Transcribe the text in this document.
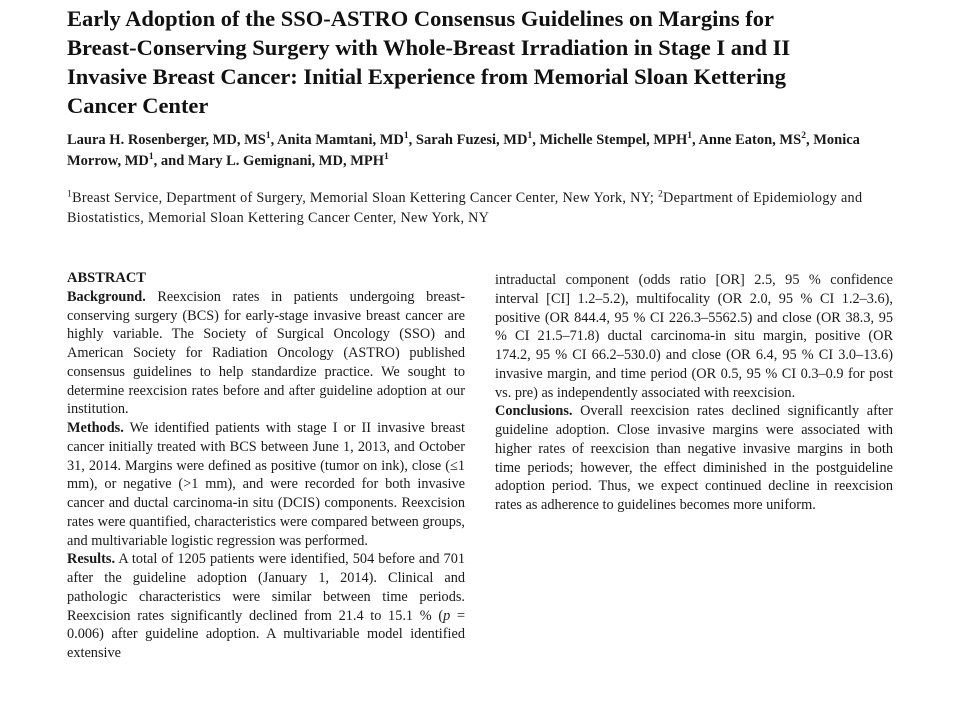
Early Adoption of the SSO-ASTRO Consensus Guidelines on Margins for Breast-Conserving Surgery with Whole-Breast Irradiation in Stage I and II Invasive Breast Cancer: Initial Experience from Memorial Sloan Kettering Cancer Center
Laura H. Rosenberger, MD, $MS^1$, Anita Mamtani, $MD^1$, Sarah Fuzesi, $MD^1$, Michelle Stempel, MPH$^1$, Anne Eaton, $MS^2$, Monica Morrow, $MD^1$, and Mary L. Gemignani, MD, MPH$^1$
$^1$Breast Service, Department of Surgery, Memorial Sloan Kettering Cancer Center, New York, NY; $^2$Department of Epidemiology and Biostatistics, Memorial Sloan Kettering Cancer Center, New York, NY
ABSTRACT

Background. Reexcision rates in patients undergoing breast-conserving surgery (BCS) for early-stage invasive breast cancer are highly variable. The Society of Surgical Oncology (SSO) and American Society for Radiation Oncology (ASTRO) published consensus guidelines to help standardize practice. We sought to determine reexcision rates before and after guideline adoption at our institution.

Methods. We identified patients with stage I or II invasive breast cancer initially treated with BCS between June 1, 2013, and October 31, 2014. Margins were defined as positive (tumor on ink), close (≤1 mm), or negative (>1 mm), and were recorded for both invasive cancer and ductal carcinoma-in situ (DCIS) components. Reexcision rates were quantified, characteristics were compared between groups, and multivariable logistic regression was performed.

Results. A total of 1205 patients were identified, 504 before and 701 after the guideline adoption (January 1, 2014). Clinical and pathologic characteristics were similar between time periods. Reexcision rates significantly declined from 21.4 to 15.1 % (p = 0.006) after guideline adoption. A multivariable model identified extensive

intraductal component (odds ratio [OR] 2.5, 95 % confidence interval [CI] 1.2–5.2), multifocality (OR 2.0, 95 % CI 1.2–3.6), positive (OR 844.4, 95 % CI 226.3–5562.5) and close (OR 38.3, 95 % CI 21.5–71.8) ductal carcinoma-in situ margin, positive (OR 174.2, 95 % CI 66.2–530.0) and close (OR 6.4, 95 % CI 3.0–13.6) invasive margin, and time period (OR 0.5, 95 % CI 0.3–0.9 for post vs. pre) as independently associated with reexcision.

Conclusions. Overall reexcision rates declined significantly after guideline adoption. Close invasive margins were associated with higher rates of reexcision than negative invasive margins in both time periods; however, the effect diminished in the postguideline adoption period. Thus, we expect continued decline in reexcision rates as adherence to guidelines becomes more uniform.
